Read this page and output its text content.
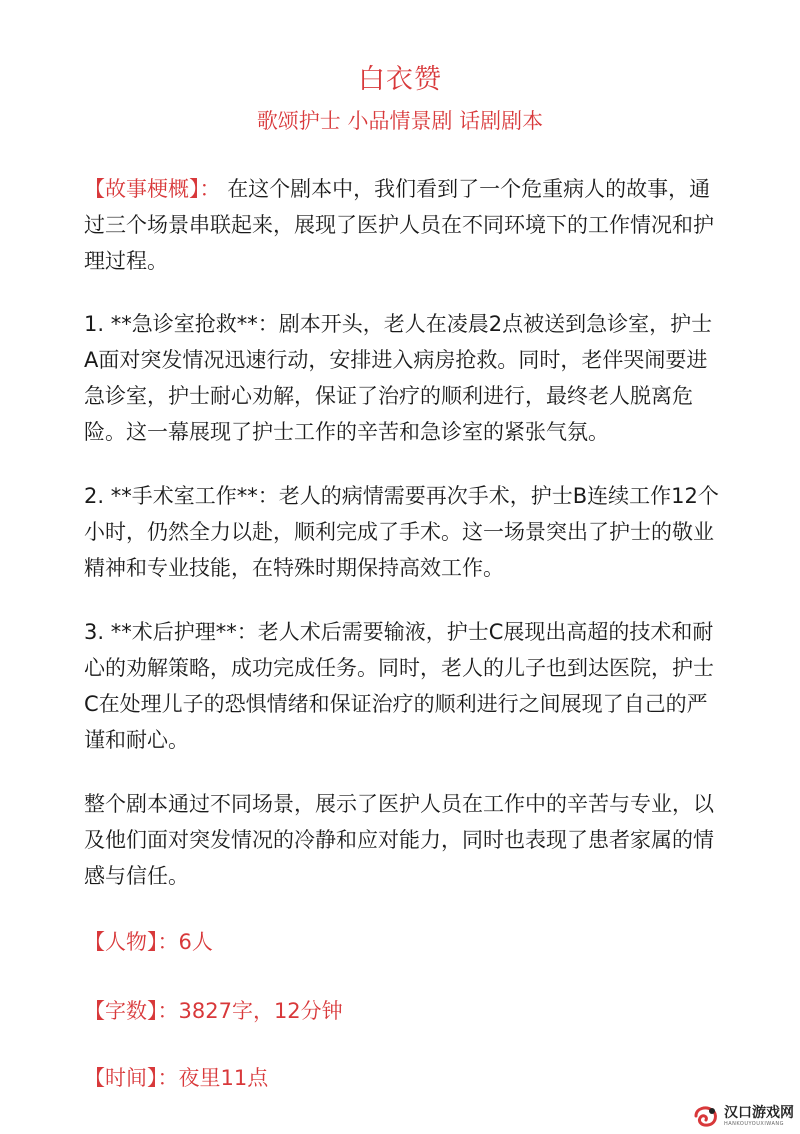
白衣赞
歌颂护士 小品情景剧 话剧剧本

【故事梗概】： 在这个剧本中，我们看到了一个危重病人的故事，通过三个场景串联起来，展现了医护人员在不同环境下的工作情况和护理过程。

1. **急诊室抢救**：剧本开头，老人在凌晨2点被送到急诊室，护士A面对突发情况迅速行动，安排进入病房抢救。同时，老伴哭闹要进急诊室，护士耐心劝解，保证了治疗的顺利进行，最终老人脱离危险。这一幕展现了护士工作的辛苦和急诊室的紧张气氛。

2. **手术室工作**：老人的病情需要再次手术，护士B连续工作12个小时，仍然全力以赴，顺利完成了手术。这一场景突出了护士的敬业精神和专业技能，在特殊时期保持高效工作。

3. **术后护理**：老人术后需要输液，护士C展现出高超的技术和耐心的劝解策略，成功完成任务。同时，老人的儿子也到达医院，护士C在处理儿子的恐惧情绪和保证治疗的顺利进行之间展现了自己的严谨和耐心。

整个剧本通过不同场景，展示了医护人员在工作中的辛苦与专业，以及他们面对突发情况的冷静和应对能力，同时也表现了患者家属的情感与信任。

【人物】：6人
【字数】：3827字，12分钟
【时间】：夜里11点
汉口游戏网
HANKOUYOUXIWANG
